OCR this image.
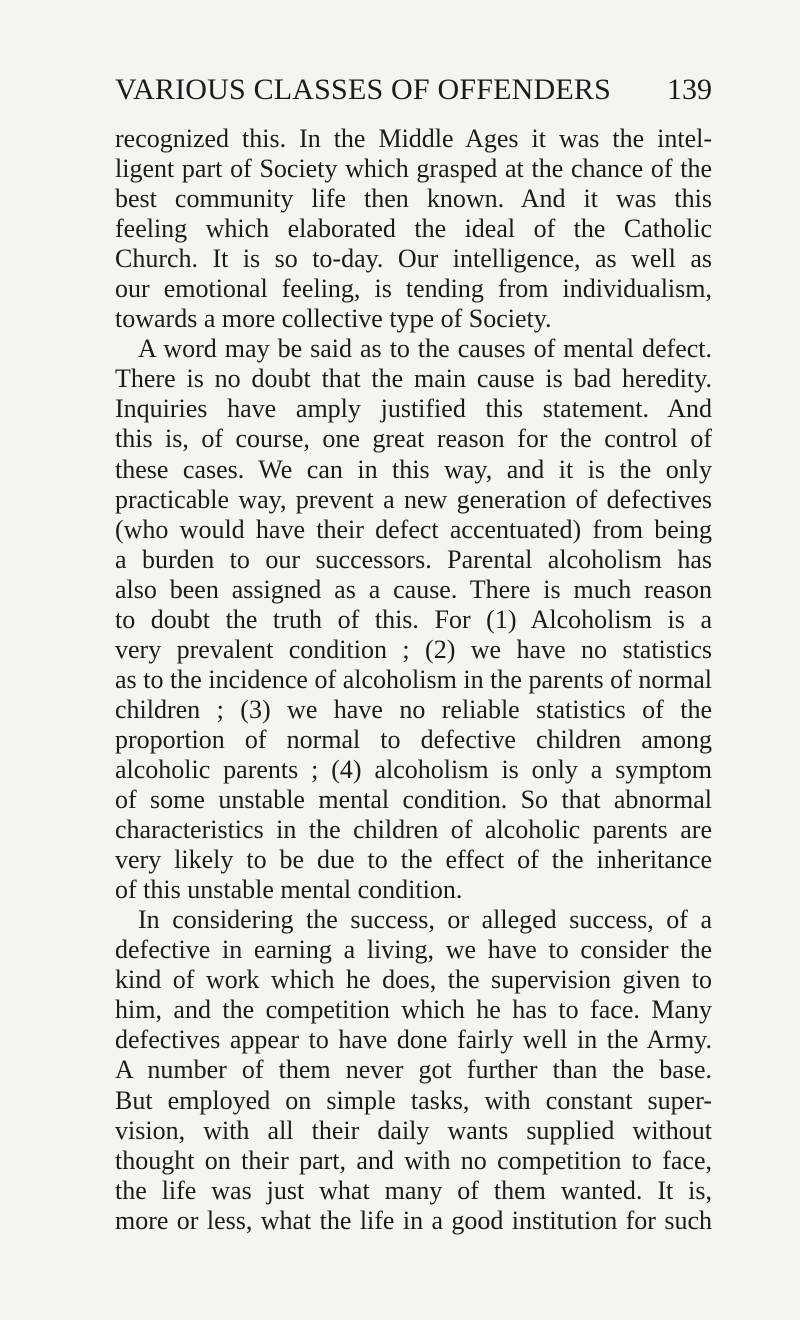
VARIOUS CLASSES OF OFFENDERS 139
recognized this. In the Middle Ages it was the intel-
ligent part of Society which grasped at the chance of the
best community life then known. And it was this
feeling which elaborated the ideal of the Catholic
Church. It is so to-day. Our intelligence, as well as
our emotional feeling, is tending from individualism,
towards a more collective type of Society.
A word may be said as to the causes of mental defect.
There is no doubt that the main cause is bad heredity.
Inquiries have amply justified this statement. And
this is, of course, one great reason for the control of
these cases. We can in this way, and it is the only
practicable way, prevent a new generation of defectives
(who would have their defect accentuated) from being
a burden to our successors. Parental alcoholism has
also been assigned as a cause. There is much reason
to doubt the truth of this. For (1) Alcoholism is a
very prevalent condition ; (2) we have no statistics
as to the incidence of alcoholism in the parents of normal
children ; (3) we have no reliable statistics of the
proportion of normal to defective children among
alcoholic parents ; (4) alcoholism is only a symptom
of some unstable mental condition. So that abnormal
characteristics in the children of alcoholic parents are
very likely to be due to the effect of the inheritance
of this unstable mental condition.
In considering the success, or alleged success, of a
defective in earning a living, we have to consider the
kind of work which he does, the supervision given to
him, and the competition which he has to face. Many
defectives appear to have done fairly well in the Army.
A number of them never got further than the base.
But employed on simple tasks, with constant super-
vision, with all their daily wants supplied without
thought on their part, and with no competition to face,
the life was just what many of them wanted. It is,
more or less, what the life in a good institution for such
